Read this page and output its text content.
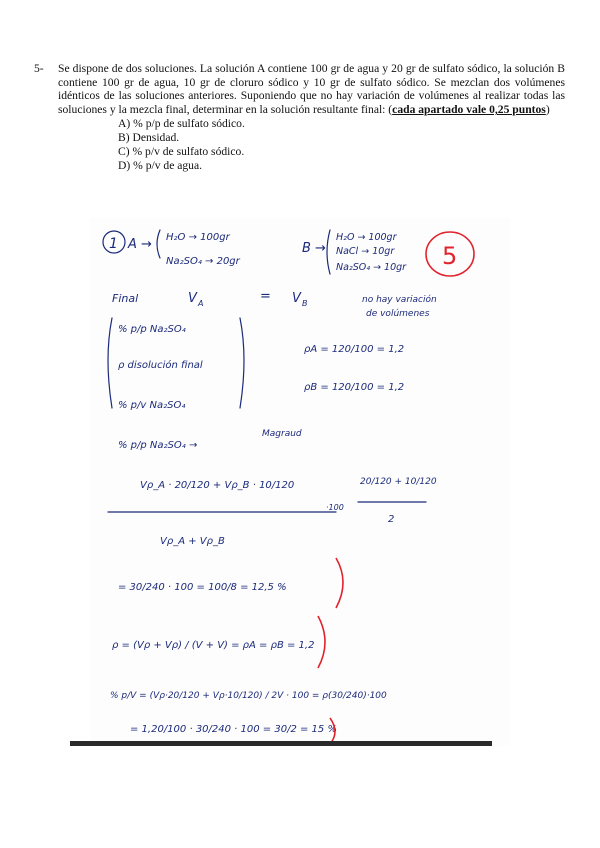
5-	Se dispone de dos soluciones. La solución A contiene 100 gr de agua y 20 gr de sulfato sódico, la solución B contiene 100 gr de agua, 10 gr de cloruro sódico y 10 gr de sulfato sódico. Se mezclan dos volúmenes idénticos de las soluciones anteriores. Suponiendo que no hay variación de volúmenes al realizar todas las soluciones y la mezcla final, determinar en la solución resultante final: (cada apartado vale 0,25 puntos)
A) % p/p de sulfato sódico.
B) Densidad.
C) % p/v de sulfato sódico.
D) % p/v de agua.
1 A → H₂O → 100gr
Na₂SO₄ → 20gr
B →
H₂O → 100gr
NaCl → 10gr
Na₂SO₄ → 10gr 5
Final	V A	= V B	no hay variación
de volúmenes
% p/p Na₂SO₄
ρ disolución final
% p/v Na₂SO₄
ρA = 120/100 = 1,2
ρB = 120/100 = 1,2
Magraud
% p/p Na₂SO₄ →
Vρ_A · 20/120 + Vρ_B · 10/120	20/120 + 10/120
·100
2
Vρ_A + Vρ_B
= 30/240 · 100 = 100/8 = 12,5 %
ρ = (Vρ + Vρ) / (V + V) = ρA = ρB = 1,2
% p/V = (Vρ·20/120 + Vρ·10/120) / 2V · 100 = ρ(30/240)·100
= 1,20/100 · 30/240 · 100 = 30/2 = 15 %
